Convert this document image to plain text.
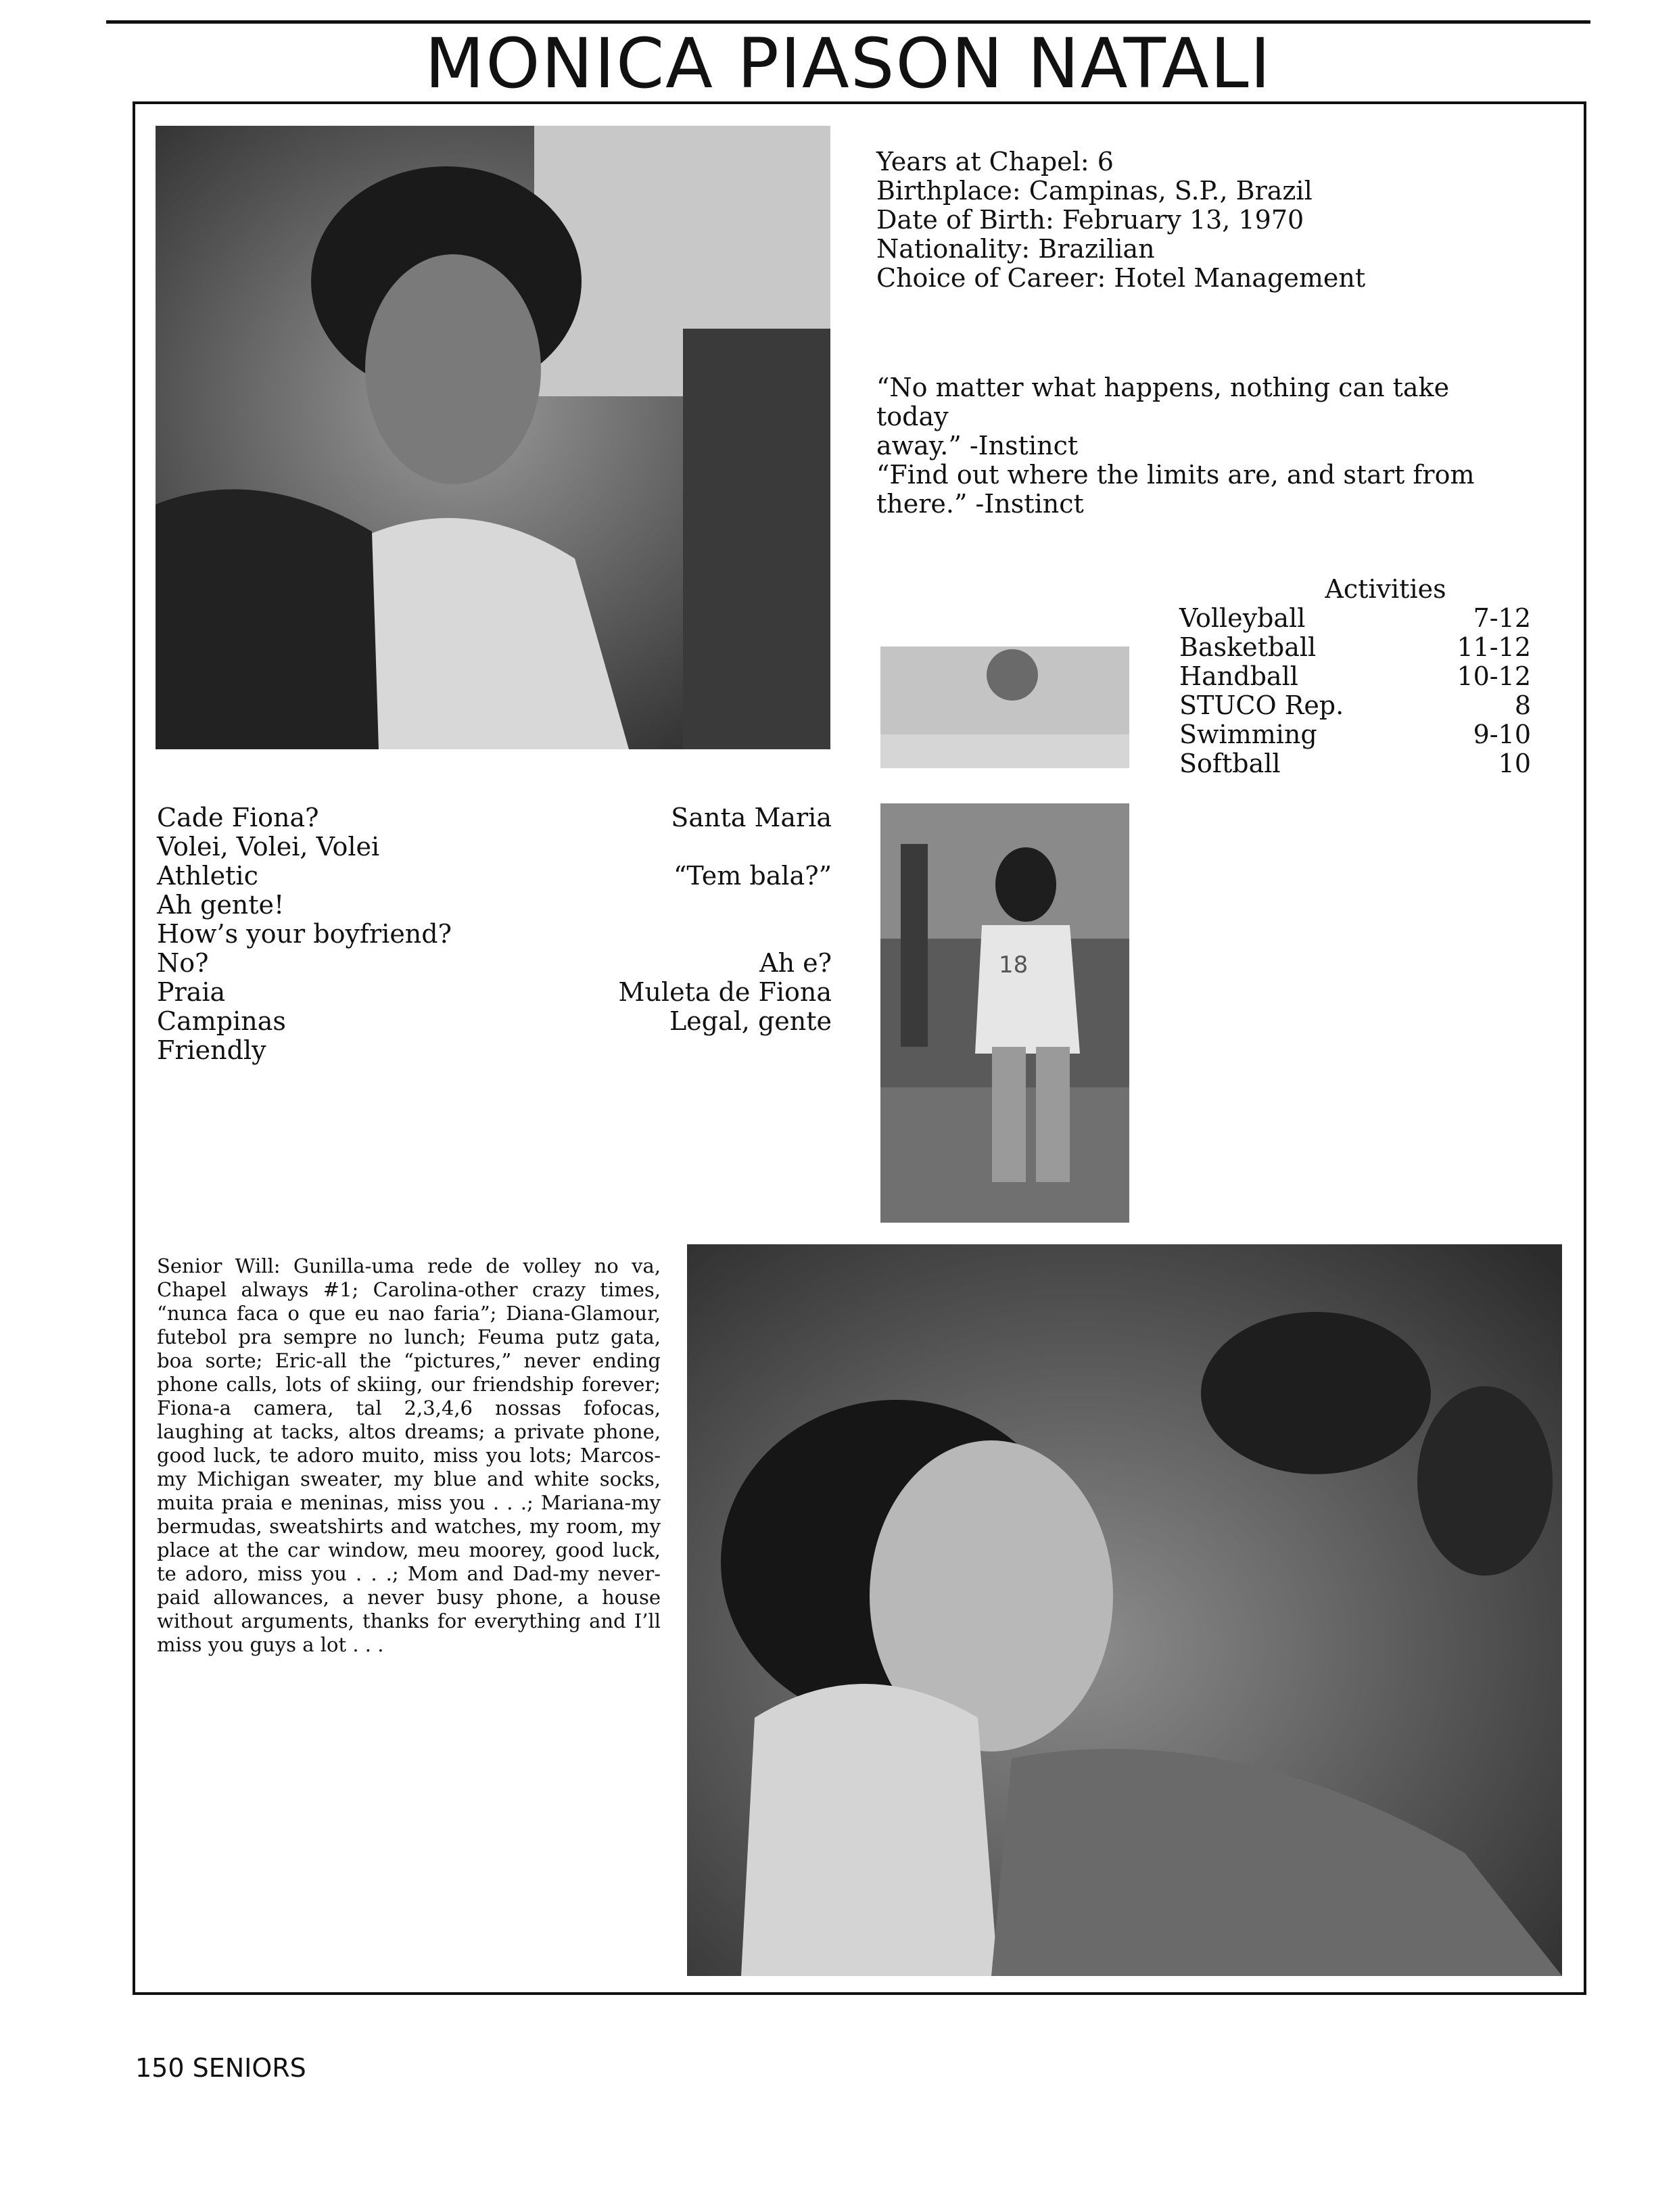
MONICA PIASON NATALI
Years at Chapel: 6
Birthplace: Campinas, S.P., Brazil
Date of Birth: February 13, 1970
Nationality: Brazilian
Choice of Career: Hotel Management
“No matter what happens, nothing can take today
away.” -Instinct
“Find out where the limits are, and start from
there.” -Instinct
Activities
Volleyball	7-12
Basketball	11-12
Handball	10-12
STUCO Rep.	8
Swimming	9-10
Softball	10
18
Cade Fiona?
Volei, Volei, Volei
Athletic
Ah gente!
How’s your boyfriend? No?
Praia
Campinas
Friendly
Santa Maria

“Tem bala?”

Ah e?
Muleta de Fiona
Legal, gente
Senior Will: Gunilla-uma rede de volley no va, Chapel always #1; Carolina-other crazy times, “nunca faca o que eu nao faria”; Diana-Glamour, futebol pra sempre no lunch; Feuma putz gata, boa sorte; Eric-all the “pictures,” never ending phone calls, lots of skiing, our friendship forever; Fiona-a camera, tal 2,3,4,6 nossas fofocas, laughing at tacks, altos dreams; a private phone, good luck, te adoro muito, miss you lots; Marcos-my Michigan sweater, my blue and white socks, muita praia e meninas, miss you . . .; Mariana-my bermudas, sweatshirts and watches, my room, my place at the car window, meu moorey, good luck, te adoro, miss you . . .; Mom and Dad-my never-paid allowances, a never busy phone, a house without arguments, thanks for everything and I’ll miss you guys a lot . . .
150 SENIORS
